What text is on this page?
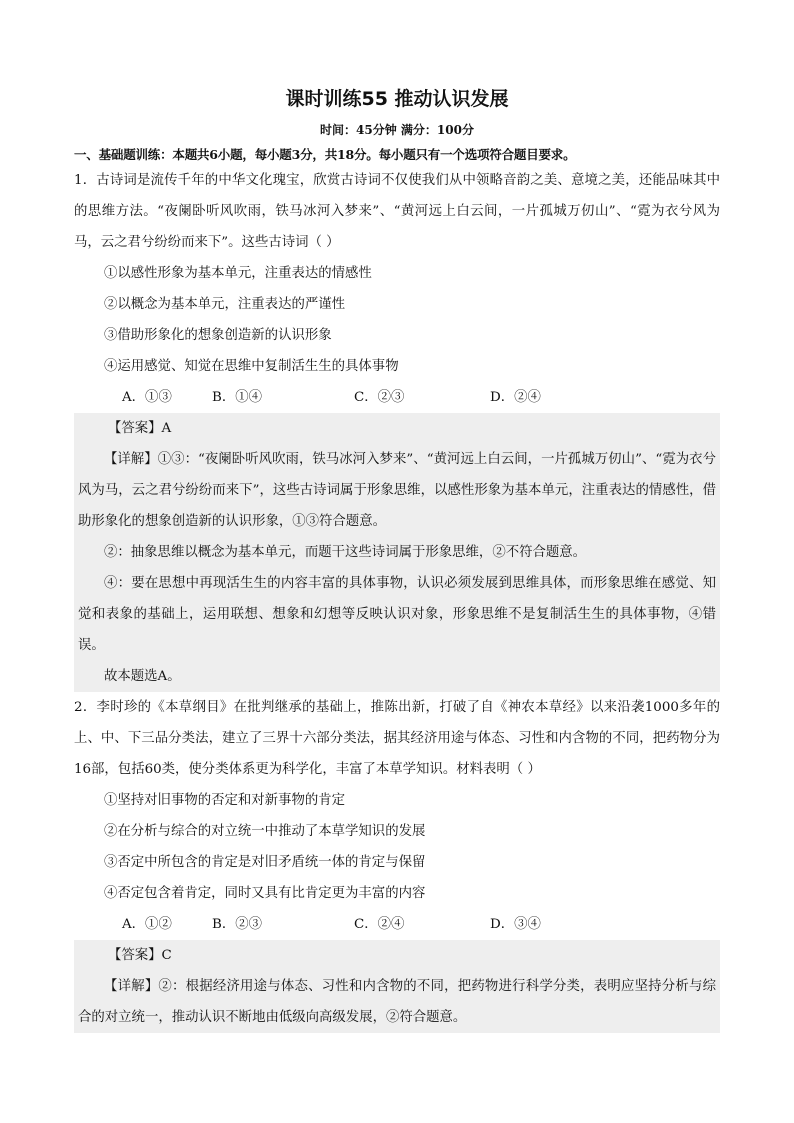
课时训练55 推动认识发展
时间：45分钟 满分：100分
一、基础题训练：本题共6小题，每小题3分，共18分。每小题只有一个选项符合题目要求。
1．古诗词是流传千年的中华文化瑰宝，欣赏古诗词不仅使我们从中领略音韵之美、意境之美，还能品味其中的思维方法。“夜阑卧听风吹雨，铁马冰河入梦来”、“黄河远上白云间，一片孤城万仞山”、“霓为衣兮风为马，云之君兮纷纷而来下”。这些古诗词（ ）
①以感性形象为基本单元，注重表达的情感性
②以概念为基本单元，注重表达的严谨性
③借助形象化的想象创造新的认识形象
④运用感觉、知觉在思维中复制活生生的具体事物
A．①③	B．①④	C．②③	D．②④
【答案】A
【详解】①③：“夜阑卧听风吹雨，铁马冰河入梦来”、“黄河远上白云间，一片孤城万仞山”、“霓为衣兮风为马，云之君兮纷纷而来下”，这些古诗词属于形象思维，以感性形象为基本单元，注重表达的情感性，借助形象化的想象创造新的认识形象，①③符合题意。
②：抽象思维以概念为基本单元，而题干这些诗词属于形象思维，②不符合题意。
④：要在思想中再现活生生的内容丰富的具体事物，认识必须发展到思维具体，而形象思维在感觉、知觉和表象的基础上，运用联想、想象和幻想等反映认识对象，形象思维不是复制活生生的具体事物，④错误。
故本题选A。
2．李时珍的《本草纲目》在批判继承的基础上，推陈出新，打破了自《神农本草经》以来沿袭1000多年的上、中、下三品分类法，建立了三界十六部分类法，据其经济用途与体态、习性和内含物的不同，把药物分为16部，包括60类，使分类体系更为科学化，丰富了本草学知识。材料表明（ ）
①坚持对旧事物的否定和对新事物的肯定
②在分析与综合的对立统一中推动了本草学知识的发展
③否定中所包含的肯定是对旧矛盾统一体的肯定与保留
④否定包含着肯定，同时又具有比肯定更为丰富的内容
A．①②	B．②③	C．②④	D．③④
【答案】C
【详解】②：根据经济用途与体态、习性和内含物的不同，把药物进行科学分类，表明应坚持分析与综合的对立统一，推动认识不断地由低级向高级发展，②符合题意。
